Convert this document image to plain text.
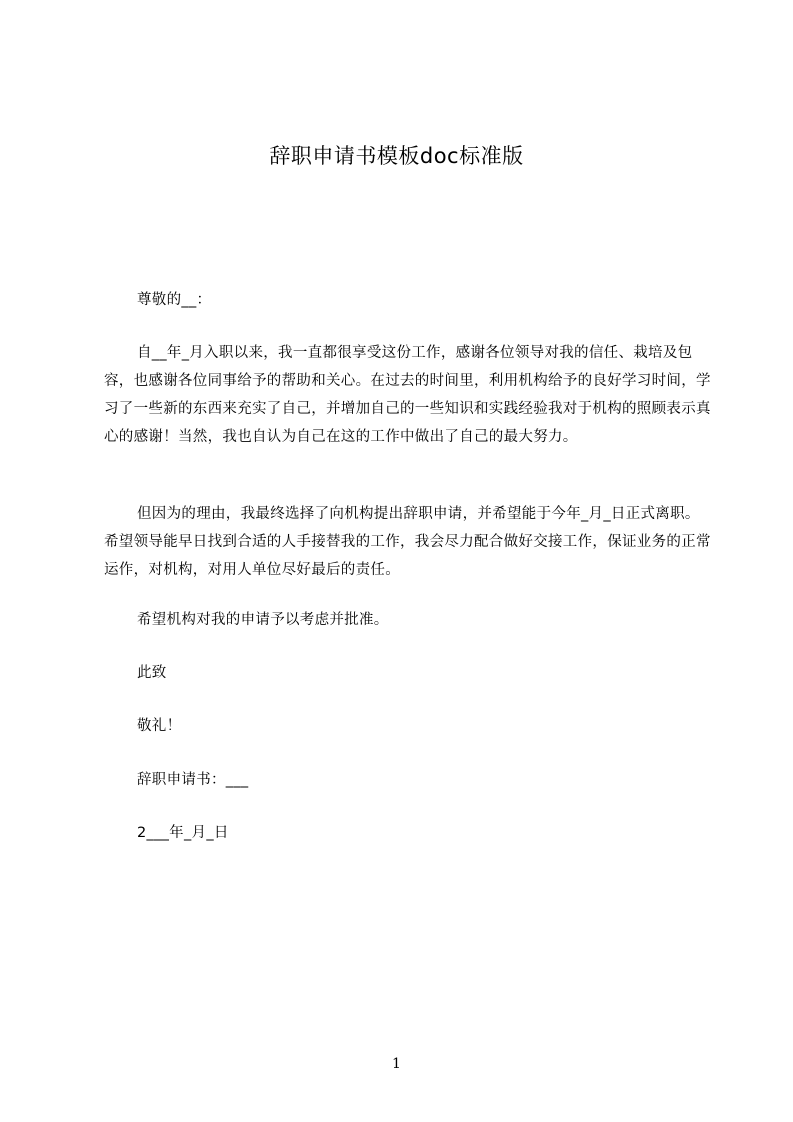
辞职申请书模板doc标准版
尊敬的__：
自__年_月入职以来，我一直都很享受这份工作，感谢各位领导对我的信任、栽培及包容，也感谢各位同事给予的帮助和关心。在过去的时间里，利用机构给予的良好学习时间，学习了一些新的东西来充实了自己，并增加自己的一些知识和实践经验我对于机构的照顾表示真心的感谢！当然，我也自认为自己在这的工作中做出了自己的最大努力。
但因为的理由，我最终选择了向机构提出辞职申请，并希望能于今年_月_日正式离职。希望领导能早日找到合适的人手接替我的工作，我会尽力配合做好交接工作，保证业务的正常运作，对机构，对用人单位尽好最后的责任。
希望机构对我的申请予以考虑并批准。
此致
敬礼！
辞职申请书：___
2___年_月_日
1
